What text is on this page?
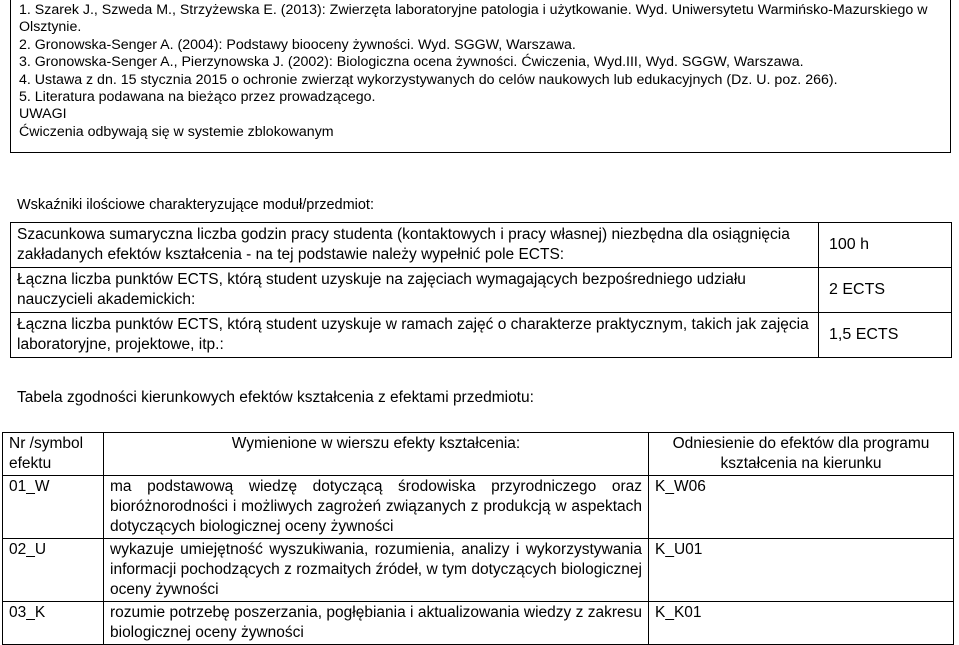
1. Szarek J., Szweda M., Strzyżewska E. (2013): Zwierzęta laboratoryjne patologia i użytkowanie. Wyd. Uniwersytetu Warmińsko-Mazurskiego w
Olsztynie.
2. Gronowska-Senger A. (2004): Podstawy biooceny żywności. Wyd. SGGW, Warszawa.
3. Gronowska-Senger A., Pierzynowska J. (2002): Biologiczna ocena żywności. Ćwiczenia, Wyd.III, Wyd. SGGW, Warszawa.
4. Ustawa z dn. 15 stycznia 2015 o ochronie zwierząt wykorzystywanych do celów naukowych lub edukacyjnych (Dz. U. poz. 266).
5. Literatura podawana na bieżąco przez prowadzącego.
UWAGI
Ćwiczenia odbywają się w systemie zblokowanym
Wskaźniki ilościowe charakteryzujące moduł/przedmiot:
Szacunkowa sumaryczna liczba godzin pracy studenta (kontaktowych i pracy własnej) niezbędna dla osiągnięcia zakładanych efektów kształcenia - na tej podstawie należy wypełnić pole ECTS:	100 h
Łączna liczba punktów ECTS, którą student uzyskuje na zajęciach wymagających bezpośredniego udziału nauczycieli akademickich:	2 ECTS
Łączna liczba punktów ECTS, którą student uzyskuje w ramach zajęć o charakterze praktycznym, takich jak zajęcia laboratoryjne, projektowe, itp.:	1,5 ECTS
Tabela zgodności kierunkowych efektów kształcenia z efektami przedmiotu:
Nr /symbol efektu	Wymienione w wierszu efekty kształcenia:	Odniesienie do efektów dla programu kształcenia na kierunku
01_W	ma podstawową wiedzę dotyczącą środowiska przyrodniczego oraz bioróżnorodności i możliwych zagrożeń związanych z produkcją w aspektach dotyczących biologicznej oceny żywności	K_W06
02_U	wykazuje umiejętność wyszukiwania, rozumienia, analizy i wykorzystywania informacji pochodzących z rozmaitych źródeł, w tym dotyczących biologicznej oceny żywności	K_U01
03_K	rozumie potrzebę poszerzania, pogłębiania i aktualizowania wiedzy z zakresu biologicznej oceny żywności	K_K01
